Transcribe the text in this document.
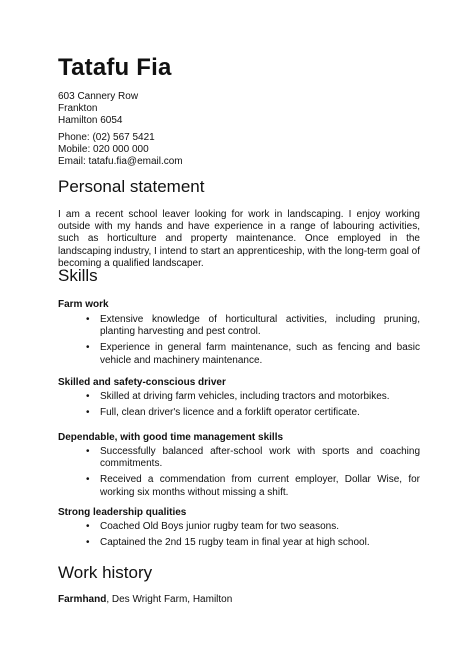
Tatafu Fia
603 Cannery Row
Frankton
Hamilton 6054
Phone: (02) 567 5421
Mobile: 020 000 000
Email: tatafu.fia@email.com
Personal statement

I am a recent school leaver looking for work in landscaping. I enjoy working outside with my hands and have experience in a range of labouring activities, such as horticulture and property maintenance. Once employed in the landscaping industry, I intend to start an apprenticeship, with the long-term goal of becoming a qualified landscaper.

Skills
Farm work
• Extensive knowledge of horticultural activities, including pruning, planting harvesting and pest control.
• Experience in general farm maintenance, such as fencing and basic vehicle and machinery maintenance.
Skilled and safety-conscious driver
• Skilled at driving farm vehicles, including tractors and motorbikes.
• Full, clean driver's licence and a forklift operator certificate.
Dependable, with good time management skills
• Successfully balanced after-school work with sports and coaching commitments.
• Received a commendation from current employer, Dollar Wise, for working six months without missing a shift.
Strong leadership qualities
• Coached Old Boys junior rugby team for two seasons.
• Captained the 2nd 15 rugby team in final year at high school.
Work history
Farmhand, Des Wright Farm, Hamilton
